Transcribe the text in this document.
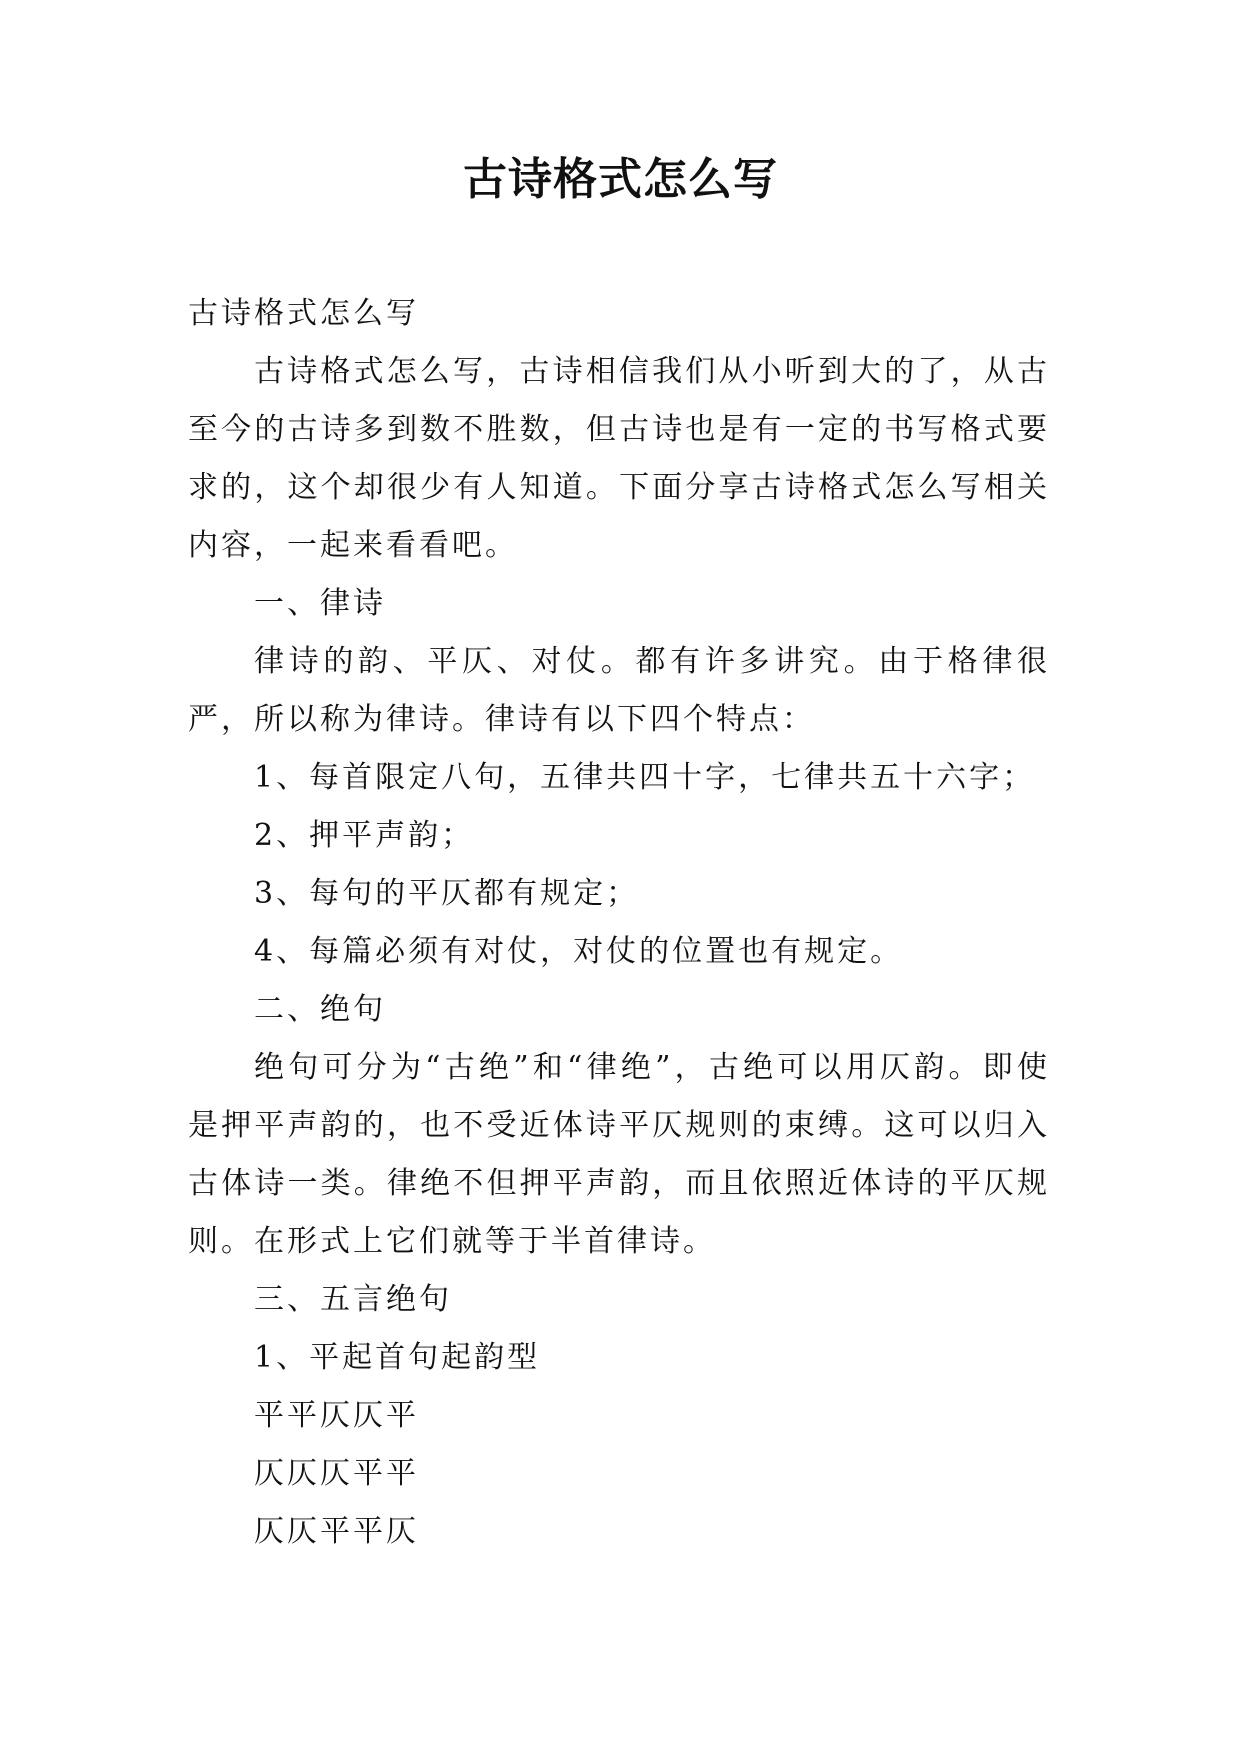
古诗格式怎么写

古诗格式怎么写

古诗格式怎么写，古诗相信我们从小听到大的了，从古至今的古诗多到数不胜数，但古诗也是有一定的书写格式要求的，这个却很少有人知道。下面分享古诗格式怎么写相关内容，一起来看看吧。

一、律诗

律诗的韵、平仄、对仗。都有许多讲究。由于格律很严，所以称为律诗。律诗有以下四个特点：

1、每首限定八句，五律共四十字，七律共五十六字；

2、押平声韵；

3、每句的平仄都有规定；

4、每篇必须有对仗，对仗的位置也有规定。

二、绝句

绝句可分为“古绝”和“律绝”，古绝可以用仄韵。即使是押平声韵的，也不受近体诗平仄规则的束缚。这可以归入古体诗一类。律绝不但押平声韵，而且依照近体诗的平仄规则。在形式上它们就等于半首律诗。

三、五言绝句

1、平起首句起韵型

平平仄仄平

仄仄仄平平

仄仄平平仄
